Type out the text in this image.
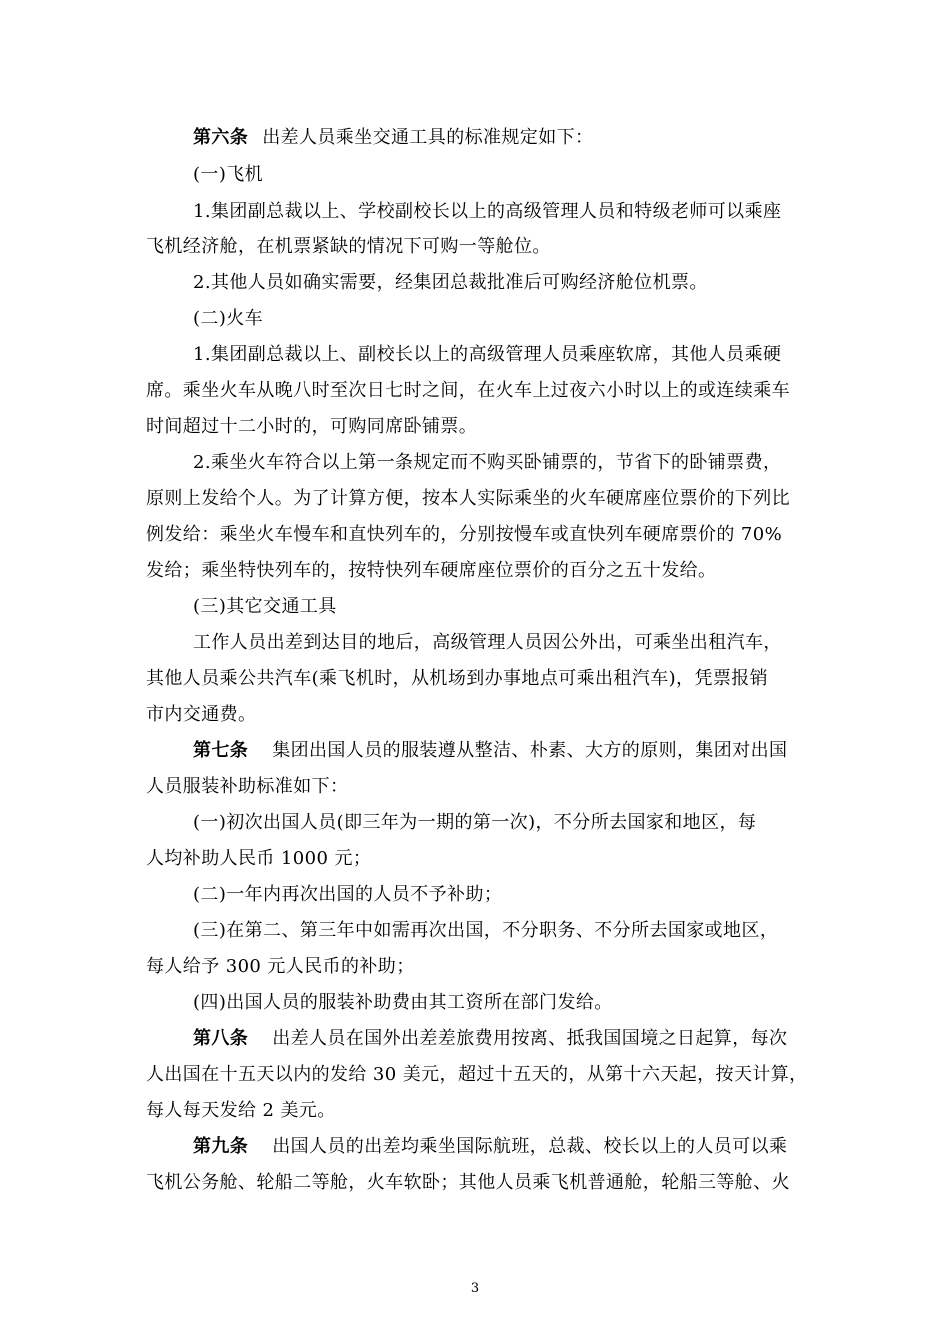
第六条 出差人员乘坐交通工具的标准规定如下：
(一)飞机
1.集团副总裁以上、学校副校长以上的高级管理人员和特级老师可以乘座
飞机经济舱，在机票紧缺的情况下可购一等舱位。
2.其他人员如确实需要，经集团总裁批准后可购经济舱位机票。
(二)火车
1.集团副总裁以上、副校长以上的高级管理人员乘座软席，其他人员乘硬
席。乘坐火车从晚八时至次日七时之间，在火车上过夜六小时以上的或连续乘车
时间超过十二小时的，可购同席卧铺票。
2.乘坐火车符合以上第一条规定而不购买卧铺票的，节省下的卧铺票费，
原则上发给个人。为了计算方便，按本人实际乘坐的火车硬席座位票价的下列比
例发给：乘坐火车慢车和直快列车的，分别按慢车或直快列车硬席票价的 70%
发给；乘坐特快列车的，按特快列车硬席座位票价的百分之五十发给。
(三)其它交通工具
工作人员出差到达目的地后，高级管理人员因公外出，可乘坐出租汽车，
其他人员乘公共汽车(乘飞机时，从机场到办事地点可乘出租汽车)，凭票报销
市内交通费。
第七条 集团出国人员的服装遵从整洁、朴素、大方的原则，集团对出国
人员服装补助标准如下：
(一)初次出国人员(即三年为一期的第一次)，不分所去国家和地区，每
人均补助人民币 1000 元；
(二)一年内再次出国的人员不予补助；
(三)在第二、第三年中如需再次出国，不分职务、不分所去国家或地区，
每人给予 300 元人民币的补助；
(四)出国人员的服装补助费由其工资所在部门发给。
第八条 出差人员在国外出差差旅费用按离、抵我国国境之日起算，每次
人出国在十五天以内的发给 30 美元，超过十五天的，从第十六天起，按天计算，
每人每天发给 2 美元。
第九条 出国人员的出差均乘坐国际航班，总裁、校长以上的人员可以乘
飞机公务舱、轮船二等舱，火车软卧；其他人员乘飞机普通舱，轮船三等舱、火
3
